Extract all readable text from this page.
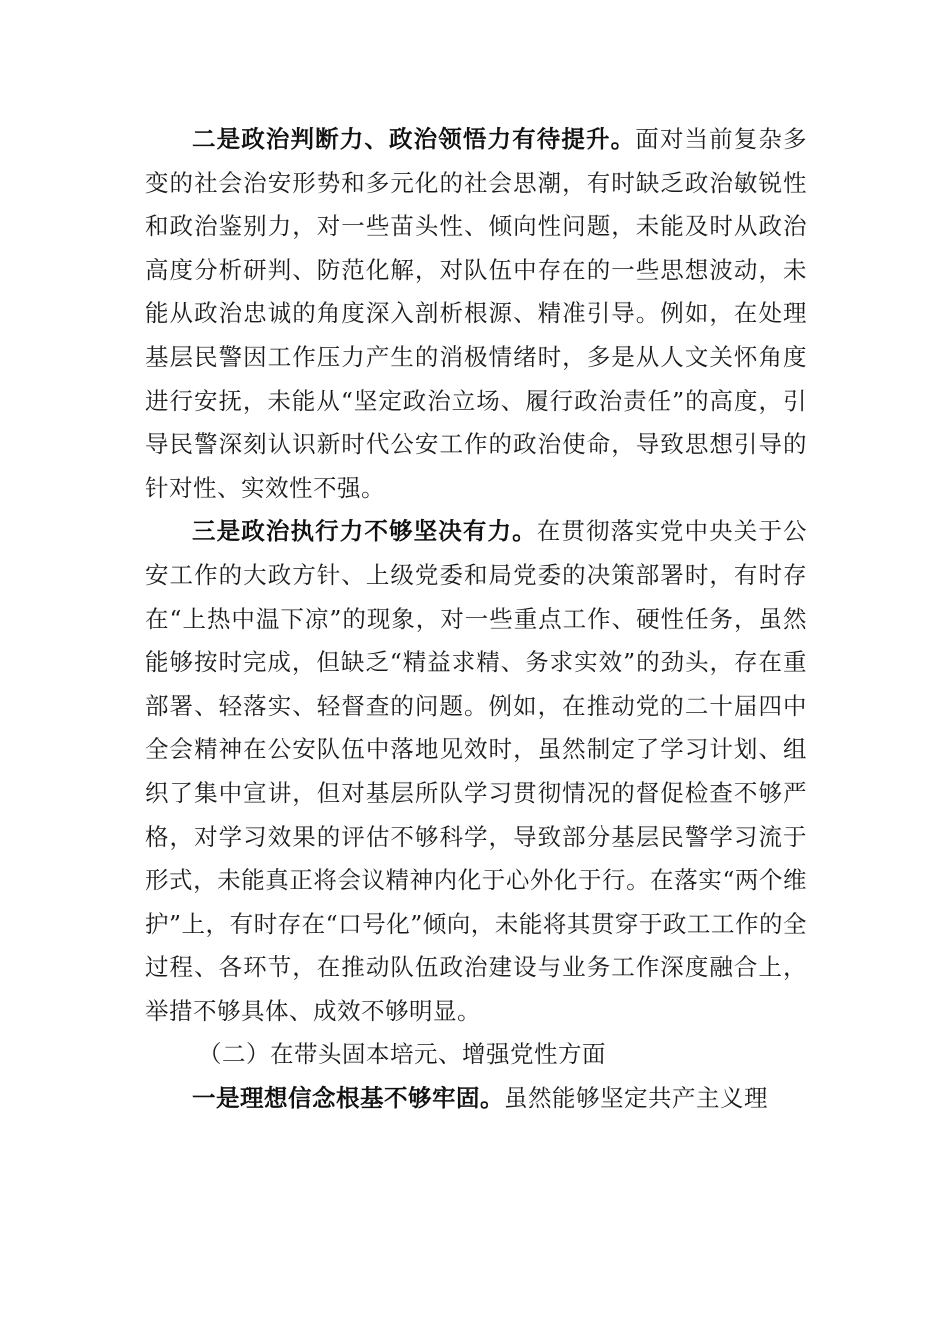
二是政治判断力、政治领悟力有待提升。面对当前复杂多变的社会治安形势和多元化的社会思潮，有时缺乏政治敏锐性和政治鉴别力，对一些苗头性、倾向性问题，未能及时从政治高度分析研判、防范化解，对队伍中存在的一些思想波动，未能从政治忠诚的角度深入剖析根源、精准引导。例如，在处理基层民警因工作压力产生的消极情绪时，多是从人文关怀角度进行安抚，未能从“坚定政治立场、履行政治责任”的高度，引导民警深刻认识新时代公安工作的政治使命，导致思想引导的针对性、实效性不强。

三是政治执行力不够坚决有力。在贯彻落实党中央关于公安工作的大政方针、上级党委和局党委的决策部署时，有时存在“上热中温下凉”的现象，对一些重点工作、硬性任务，虽然能够按时完成，但缺乏“精益求精、务求实效”的劲头，存在重部署、轻落实、轻督查的问题。例如，在推动党的二十届四中全会精神在公安队伍中落地见效时，虽然制定了学习计划、组织了集中宣讲，但对基层所队学习贯彻情况的督促检查不够严格，对学习效果的评估不够科学，导致部分基层民警学习流于形式，未能真正将会议精神内化于心外化于行。在落实“两个维护”上，有时存在“口号化”倾向，未能将其贯穿于政工工作的全过程、各环节，在推动队伍政治建设与业务工作深度融合上，举措不够具体、成效不够明显。

（二）在带头固本培元、增强党性方面

一是理想信念根基不够牢固。虽然能够坚定共产主义理
